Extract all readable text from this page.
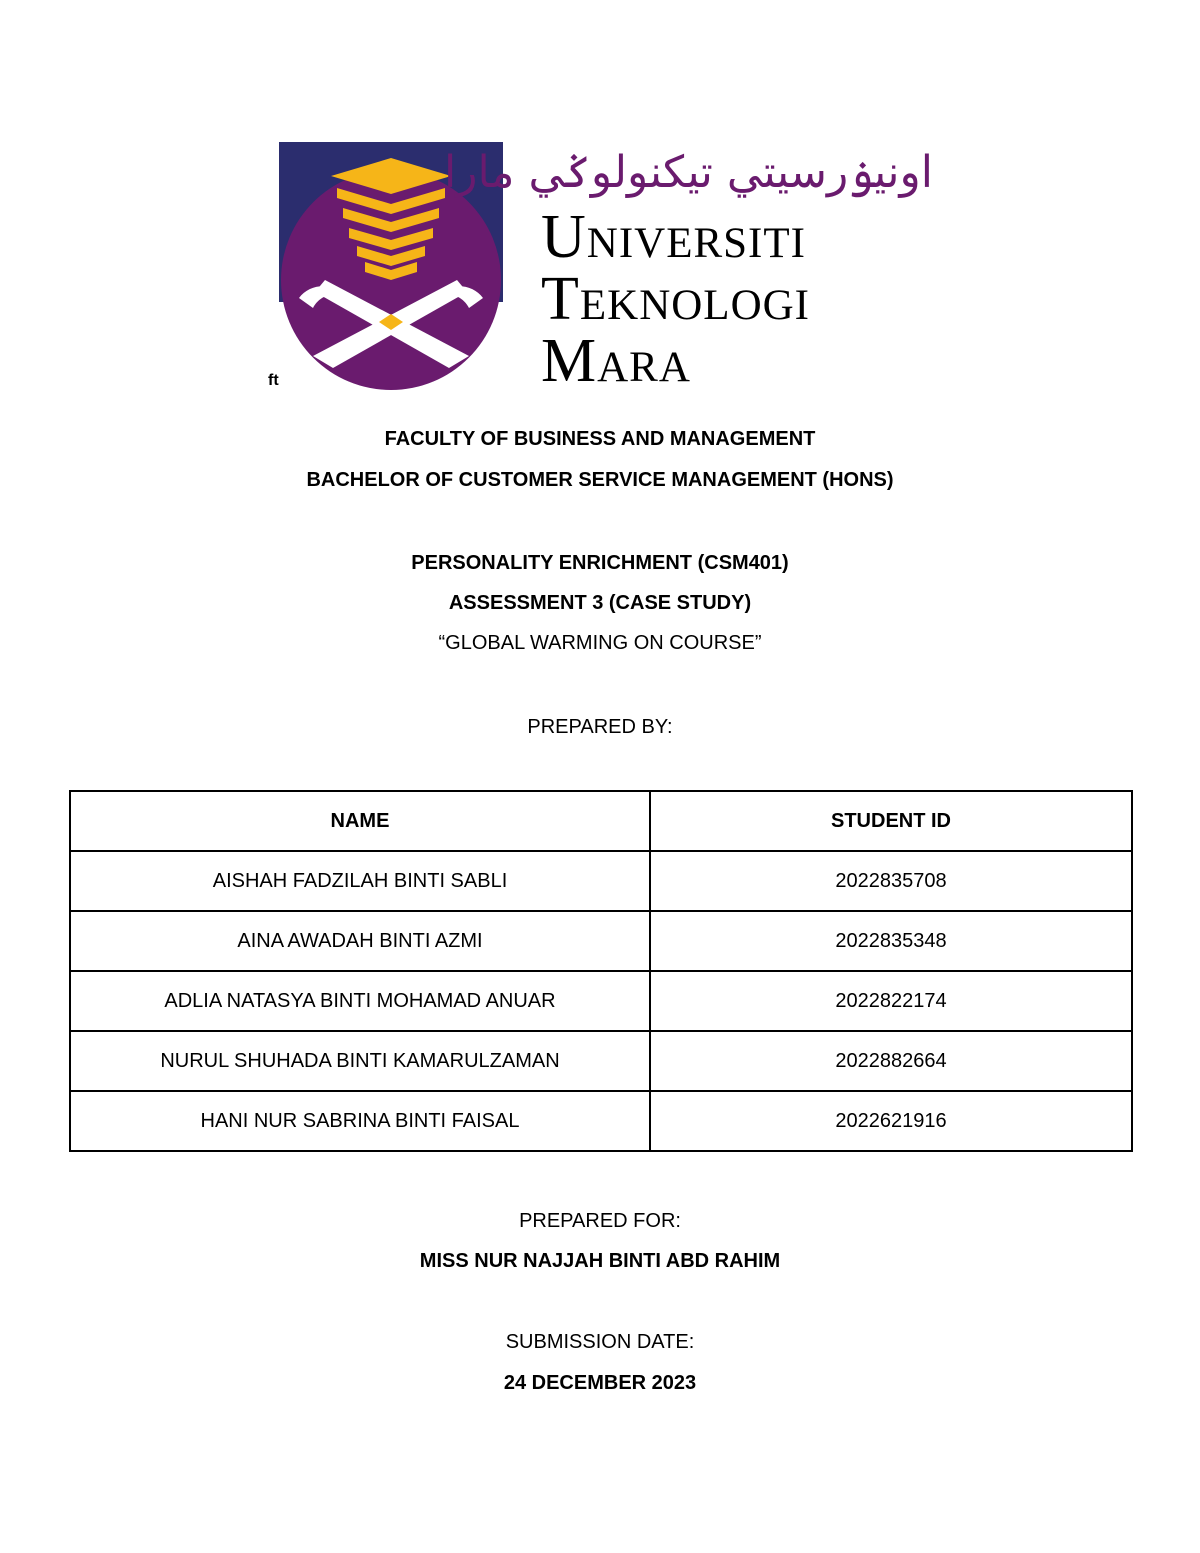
اونيۏرسيتي تيكنولوݢي مارا
Universiti
Teknologi
Mara
ft
FACULTY OF BUSINESS AND MANAGEMENT
BACHELOR OF CUSTOMER SERVICE MANAGEMENT (HONS)
PERSONALITY ENRICHMENT (CSM401)
ASSESSMENT 3 (CASE STUDY)
“GLOBAL WARMING ON COURSE”
PREPARED BY:
NAME	STUDENT ID
AISHAH FADZILAH BINTI SABLI	2022835708
AINA AWADAH BINTI AZMI	2022835348
ADLIA NATASYA BINTI MOHAMAD ANUAR	2022822174
NURUL SHUHADA BINTI KAMARULZAMAN	2022882664
HANI NUR SABRINA BINTI FAISAL	2022621916
PREPARED FOR:
MISS NUR NAJJAH BINTI ABD RAHIM
SUBMISSION DATE:
24 DECEMBER 2023
